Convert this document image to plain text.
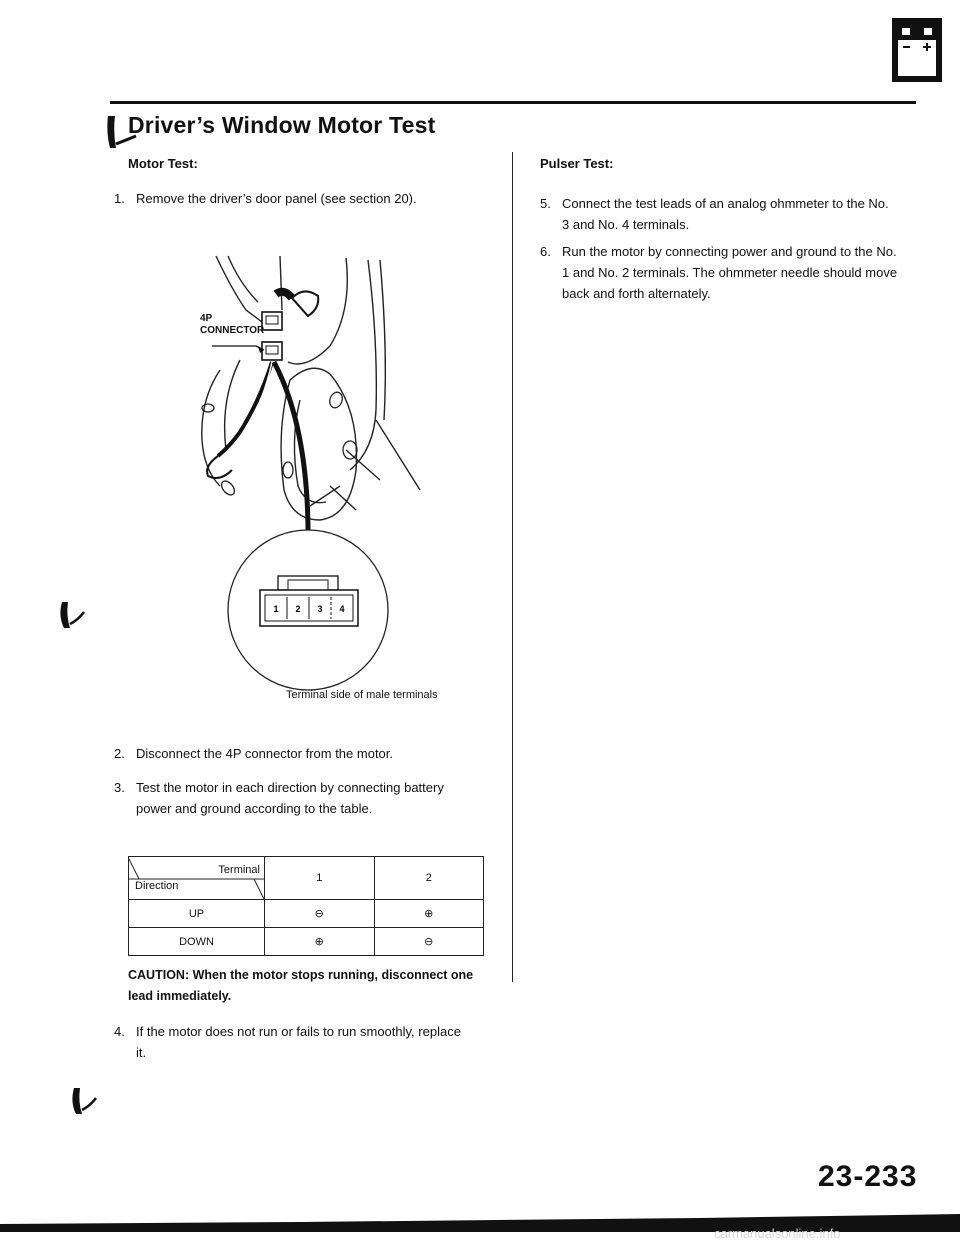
Driver’s Window Motor Test
Motor Test:
1. Remove the driver’s door panel (see section 20).
1 2 3 4
4P
CONNECTOR
Terminal side of male terminals
2. Disconnect the 4P connector from the motor.
3. Test the motor in each direction by connecting battery power and ground according to the table.
Terminal
Direction	1	2
UP	⊖	⊕
DOWN	⊕	⊖
CAUTION: When the motor stops running, disconnect one lead immediately.
4. If the motor does not run or fails to run smoothly, replace it.
Pulser Test:
5. Connect the test leads of an analog ohmmeter to the No. 3 and No. 4 terminals.
6. Run the motor by connecting power and ground to the No. 1 and No. 2 terminals. The ohmmeter needle should move back and forth alternately.
23-233
carmanualsonline.info
